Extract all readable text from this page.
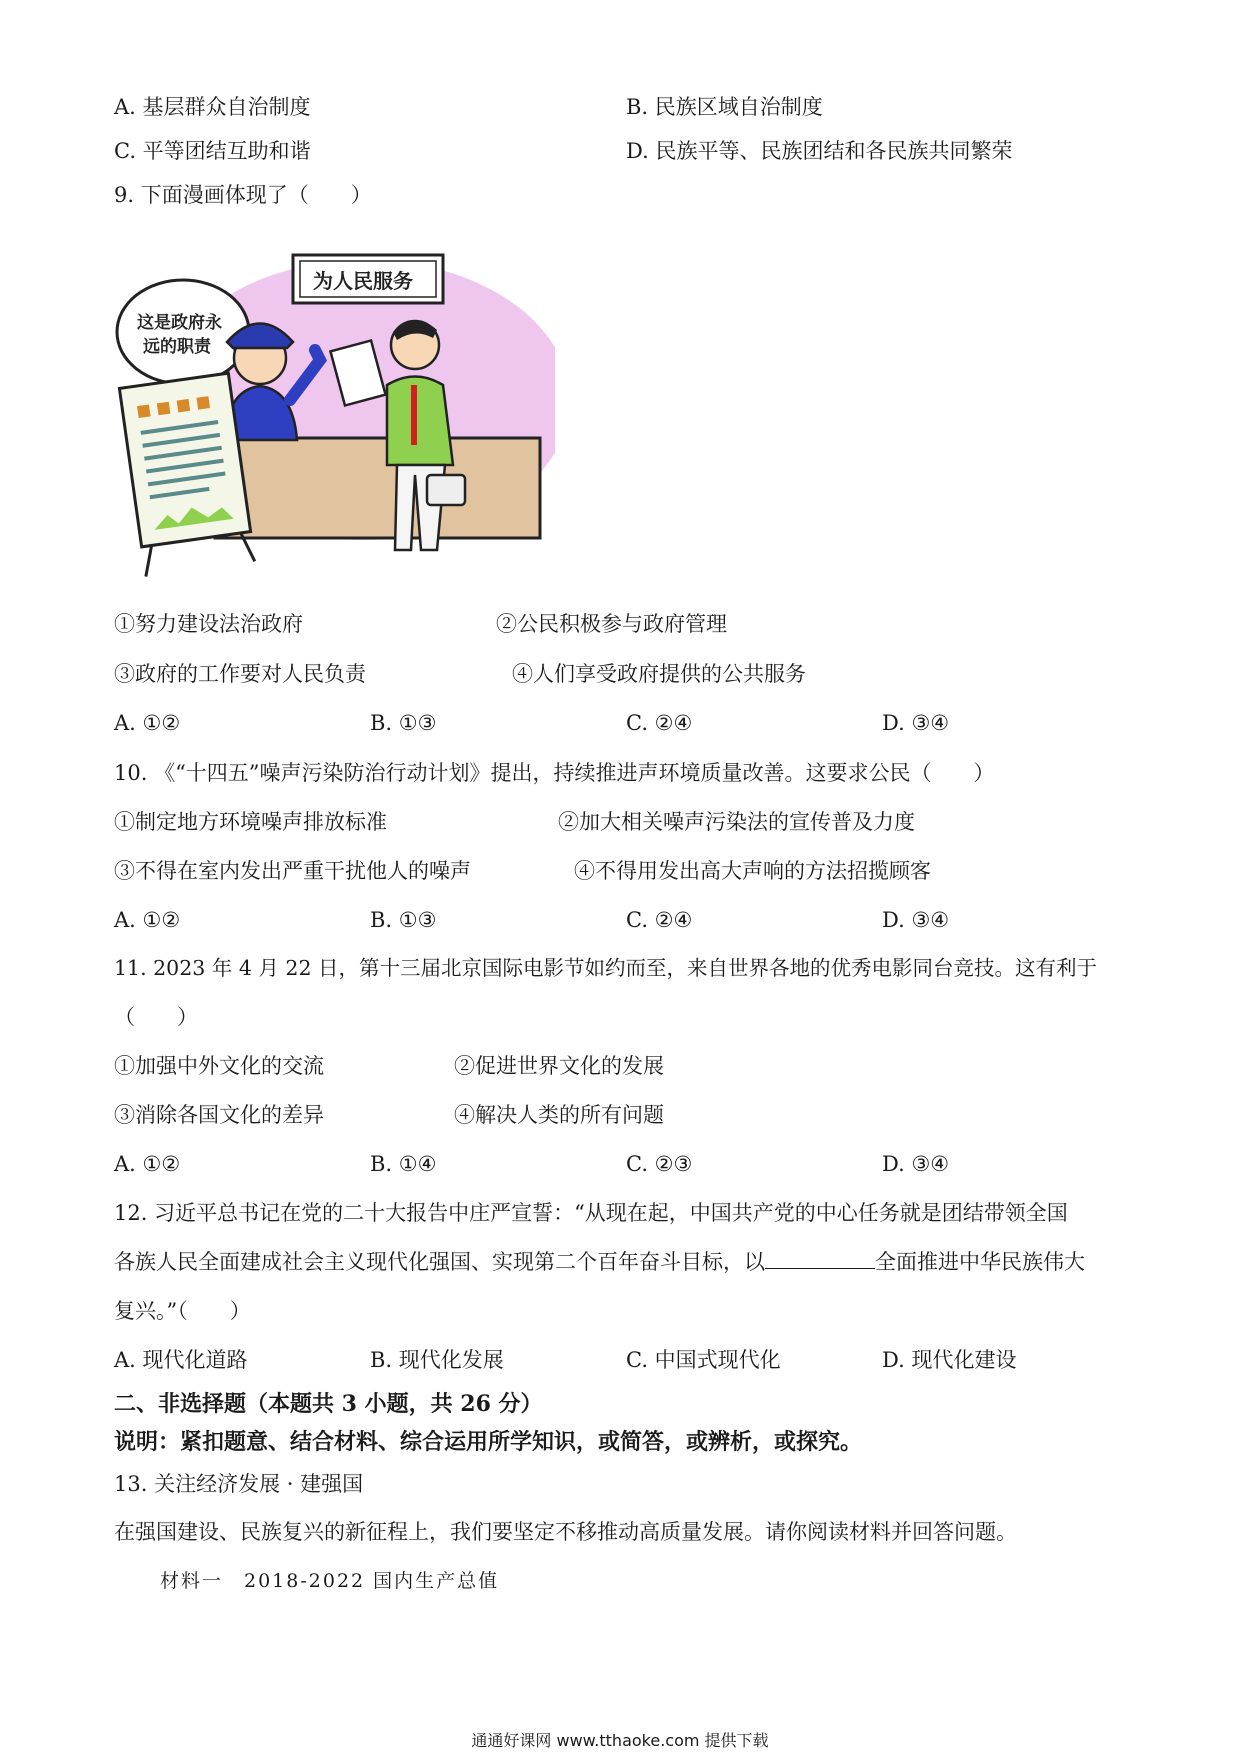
A. 基层群众自治制度	B. 民族区域自治制度
C. 平等团结互助和谐	D. 民族平等、民族团结和各民族共同繁荣
9. 下面漫画体现了（　　）
这是政府永
远的职责
为人民服务
①努力建设法治政府	②公民积极参与政府管理
③政府的工作要对人民负责	④人们享受政府提供的公共服务
A. ①②	B. ①③	C. ②④	D. ③④
10. 《“十四五”噪声污染防治行动计划》提出，持续推进声环境质量改善。这要求公民（　　）
①制定地方环境噪声排放标准	②加大相关噪声污染法的宣传普及力度
③不得在室内发出严重干扰他人的噪声	④不得用发出高大声响的方法招揽顾客
A. ①②	B. ①③	C. ②④	D. ③④
11. 2023 年 4 月 22 日，第十三届北京国际电影节如约而至，来自世界各地的优秀电影同台竞技。这有利于
（　　）
①加强中外文化的交流	②促进世界文化的发展
③消除各国文化的差异	④解决人类的所有问题
A. ①②	B. ①④	C. ②③	D. ③④
12. 习近平总书记在党的二十大报告中庄严宣誓：“从现在起，中国共产党的中心任务就是团结带领全国
各族人民全面建成社会主义现代化强国、实现第二个百年奋斗目标，以	全面推进中华民族伟大
复兴。”（　　）
A. 现代化道路	B. 现代化发展	C. 中国式现代化	D. 现代化建设
二、非选择题（本题共 3 小题，共 26 分）
说明：紧扣题意、结合材料、综合运用所学知识，或简答，或辨析，或探究。
13. 关注经济发展 · 建强国
在强国建设、民族复兴的新征程上，我们要坚定不移推动高质量发展。请你阅读材料并回答问题。
材料一　2018-2022 国内生产总值
通通好课网 www.tthaoke.com 提供下载
